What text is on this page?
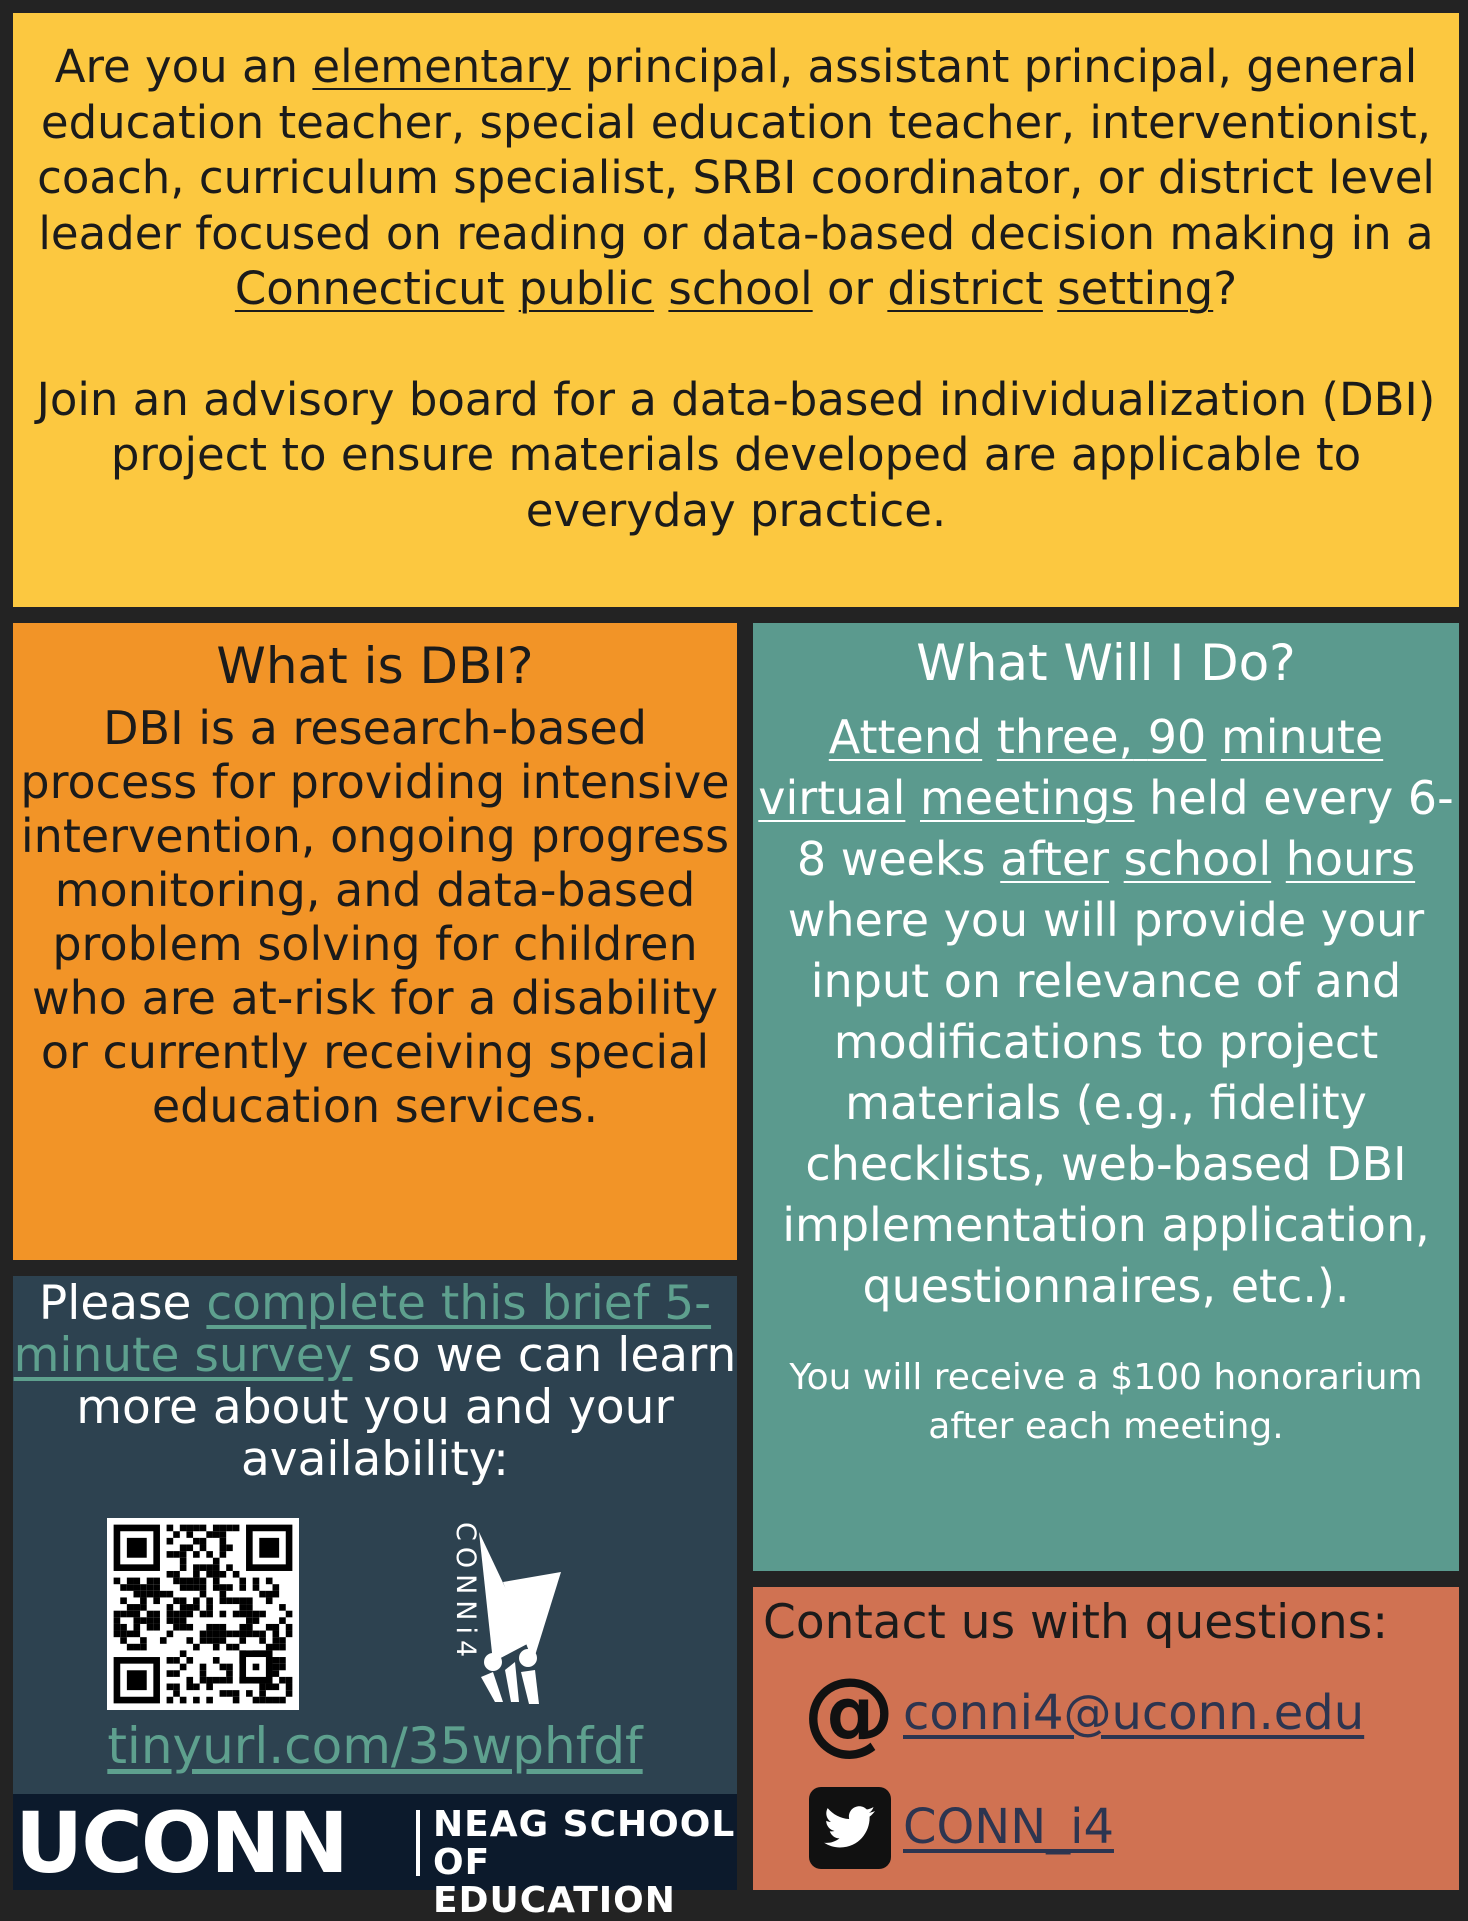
Are you an elementary principal, assistant principal, general education teacher, special education teacher, interventionist, coach, curriculum specialist, SRBI coordinator, or district level leader focused on reading or data-based decision making in a
Connecticut public school or district setting?

Join an advisory board for a data-based individualization (DBI) project to ensure materials developed are applicable to everyday practice.

What is DBI?

DBI is a research-based process for providing intensive intervention, ongoing progress monitoring, and data-based problem solving for children who are at-risk for a disability or currently receiving special education services.

What Will I Do?

Attend three, 90 minute virtual meetings held every 6-8 weeks after school hours where you will provide your input on relevance of and modifications to project materials (e.g., fidelity checklists, web-based DBI implementation application, questionnaires, etc.).

You will receive a $100 honorarium after each meeting.

Please complete this brief 5-minute survey so we can learn more about you and your availability:

CONNi4
tinyurl.com/35wphfdf
UCONN NEAG SCHOOL
OF EDUCATION

Contact us with questions:

@ conni4@uconn.edu
CONN_i4
